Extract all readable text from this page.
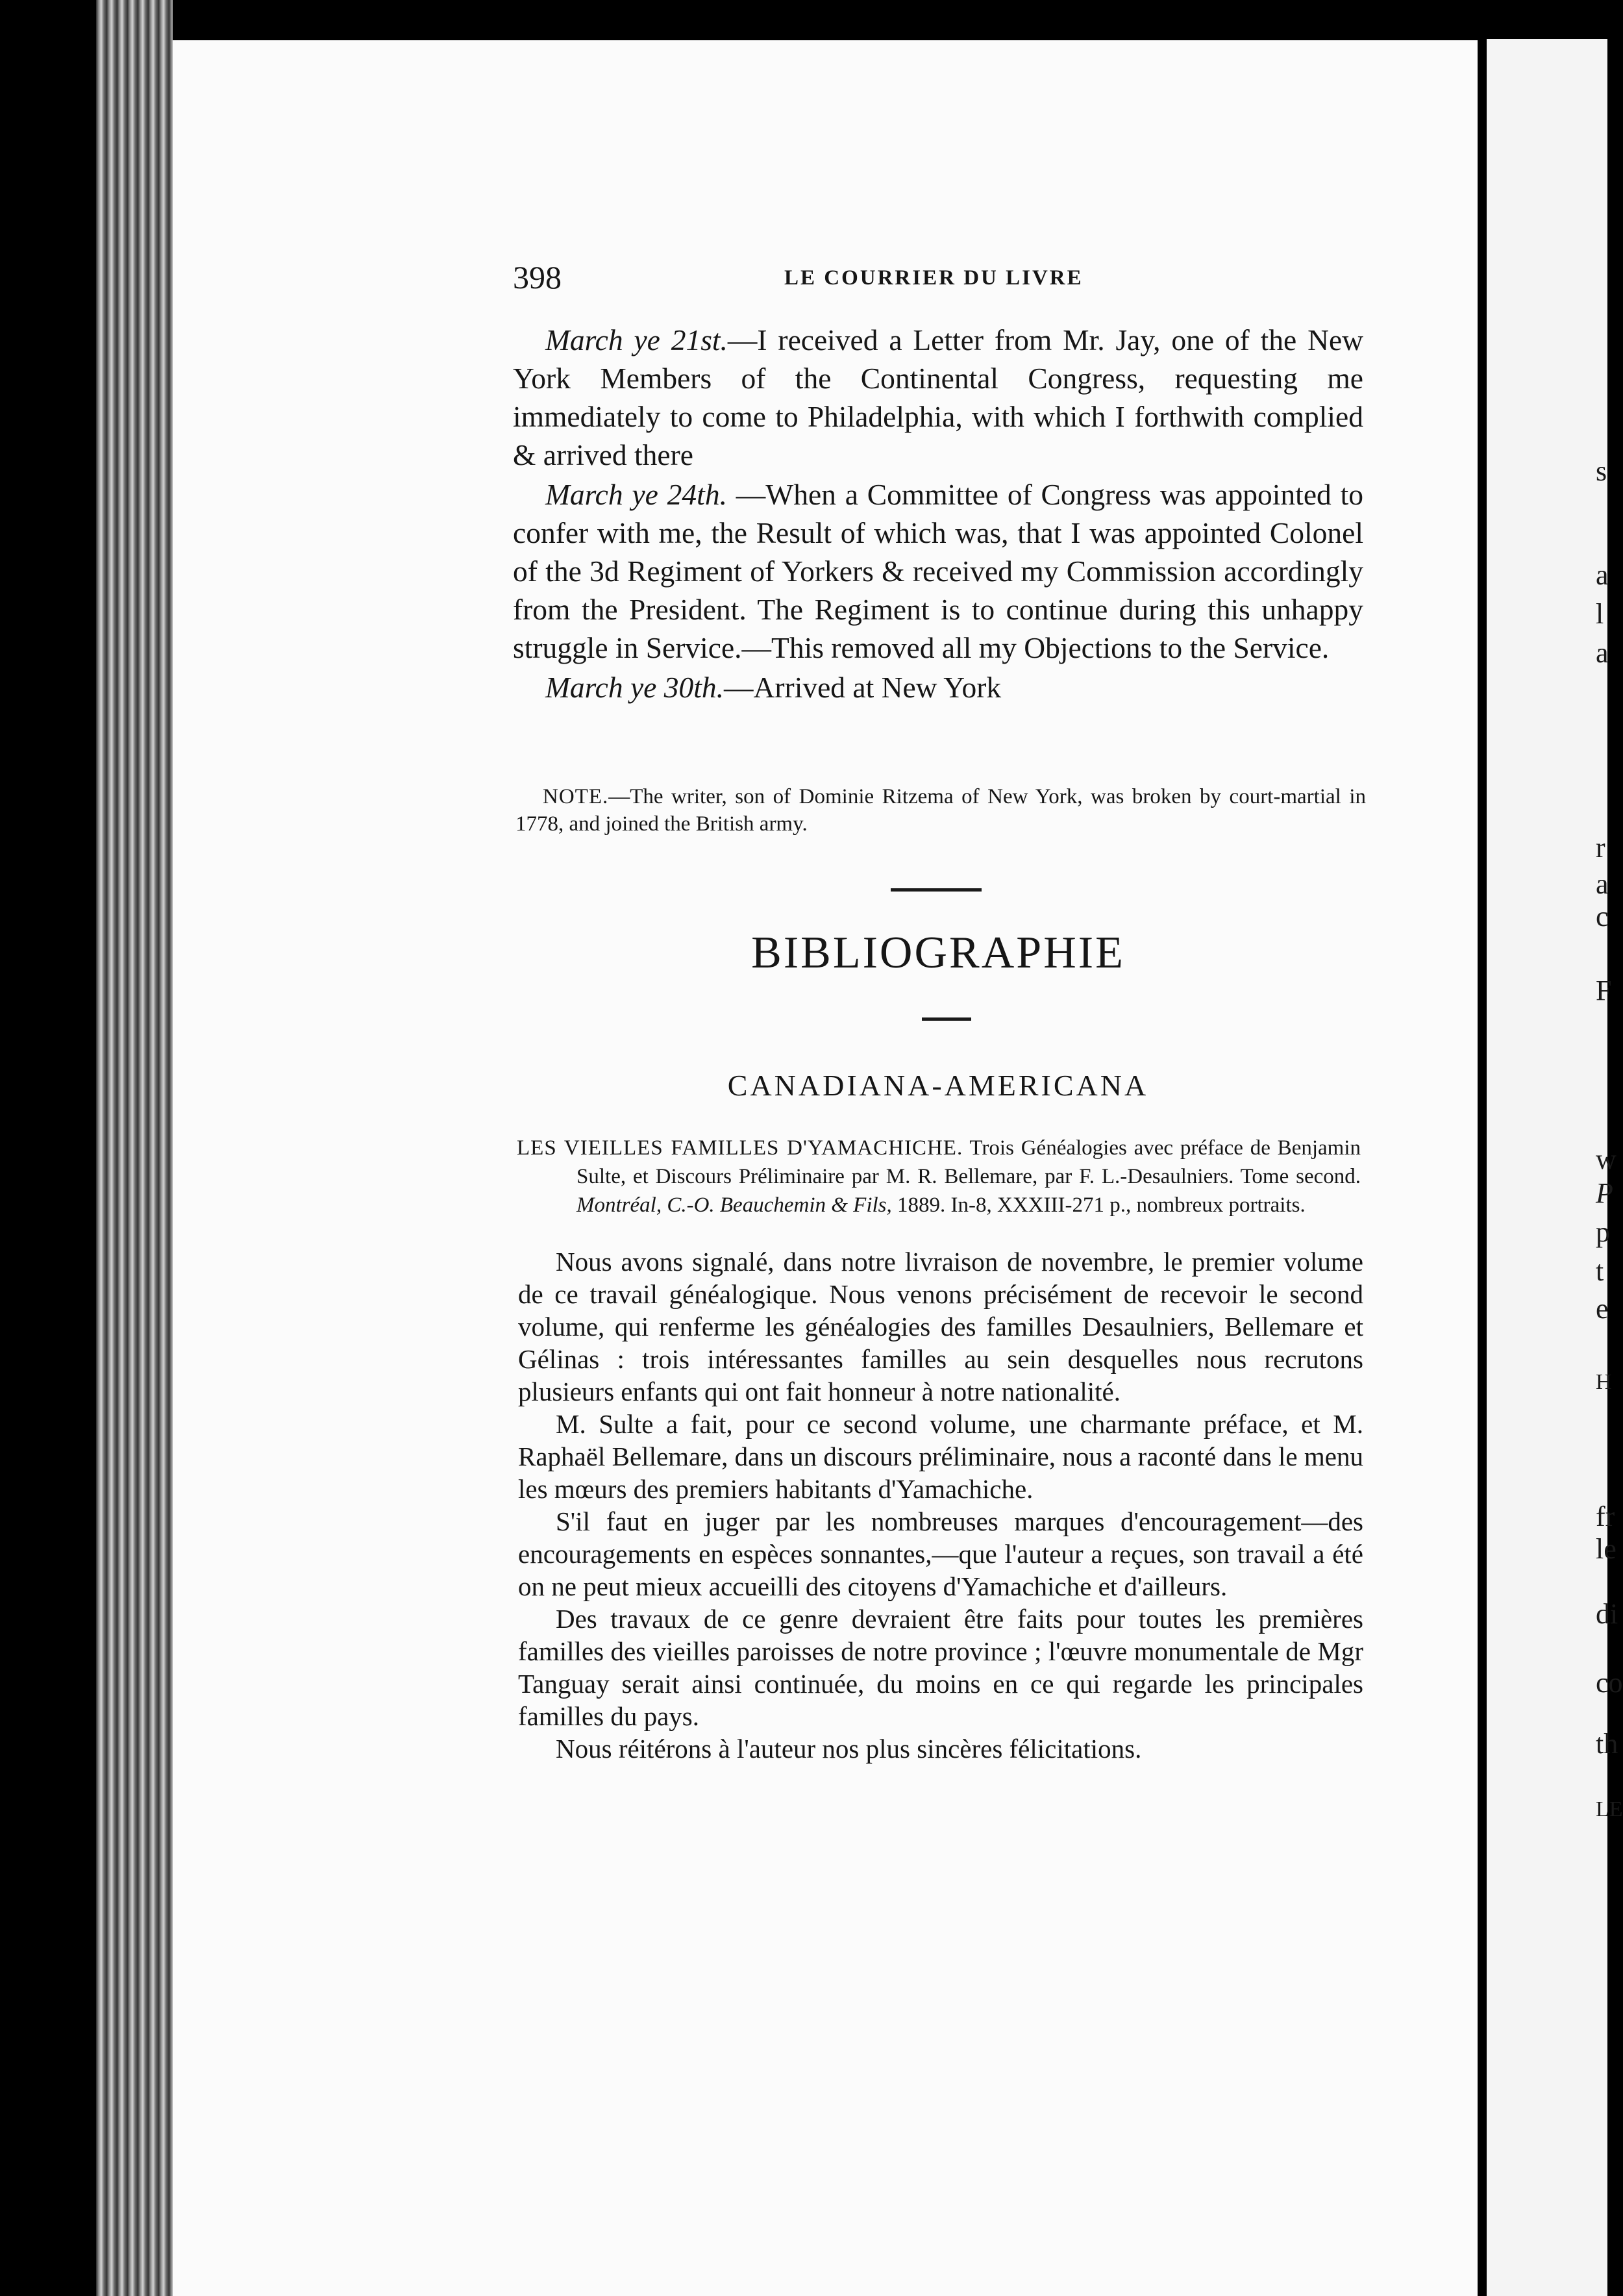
s
a
l
a
r
a
c
F
w
P
p
t
e
H
fr
le
di
co
th
LE
398	LE COURRIER DU LIVRE

March ye 21st.—I received a Letter from Mr. Jay, one of the New York Members of the Continental Congress, requesting me immediately to come to Philadelphia, with which I forthwith complied & arrived there

March ye 24th. —When a Committee of Congress was appointed to confer with me, the Result of which was, that I was appointed Colonel of the 3d Regiment of Yorkers & received my Commission accordingly from the President. The Regiment is to continue during this unhappy struggle in Service.—This removed all my Objections to the Service.

March ye 30th.—Arrived at New York

NOTE.—The writer, son of Dominie Ritzema of New York, was broken by court-martial in 1778, and joined the British army.
BIBLIOGRAPHIE
CANADIANA-AMERICANA
LES VIEILLES FAMILLES D'YAMACHICHE. Trois Généalogies avec préface de Benjamin Sulte, et Discours Préliminaire par M. R. Bellemare, par F. L.-Desaulniers. Tome second. Montréal, C.-O. Beauchemin & Fils, 1889. In-8, XXXIII-271 p., nombreux portraits.

Nous avons signalé, dans notre livraison de novembre, le premier volume de ce travail généalogique. Nous venons précisément de recevoir le second volume, qui renferme les généalogies des familles Desaulniers, Bellemare et Gélinas : trois intéressantes familles au sein desquelles nous recrutons plusieurs enfants qui ont fait honneur à notre nationalité.

M. Sulte a fait, pour ce second volume, une charmante préface, et M. Raphaël Bellemare, dans un discours préliminaire, nous a raconté dans le menu les mœurs des premiers habitants d'Yamachiche.

S'il faut en juger par les nombreuses marques d'encouragement—des encouragements en espèces sonnantes,—que l'auteur a reçues, son travail a été on ne peut mieux accueilli des citoyens d'Yamachiche et d'ailleurs.

Des travaux de ce genre devraient être faits pour toutes les premières familles des vieilles paroisses de notre province ; l'œuvre monumentale de Mgr Tanguay serait ainsi continuée, du moins en ce qui regarde les principales familles du pays.

Nous réitérons à l'auteur nos plus sincères félicitations.
